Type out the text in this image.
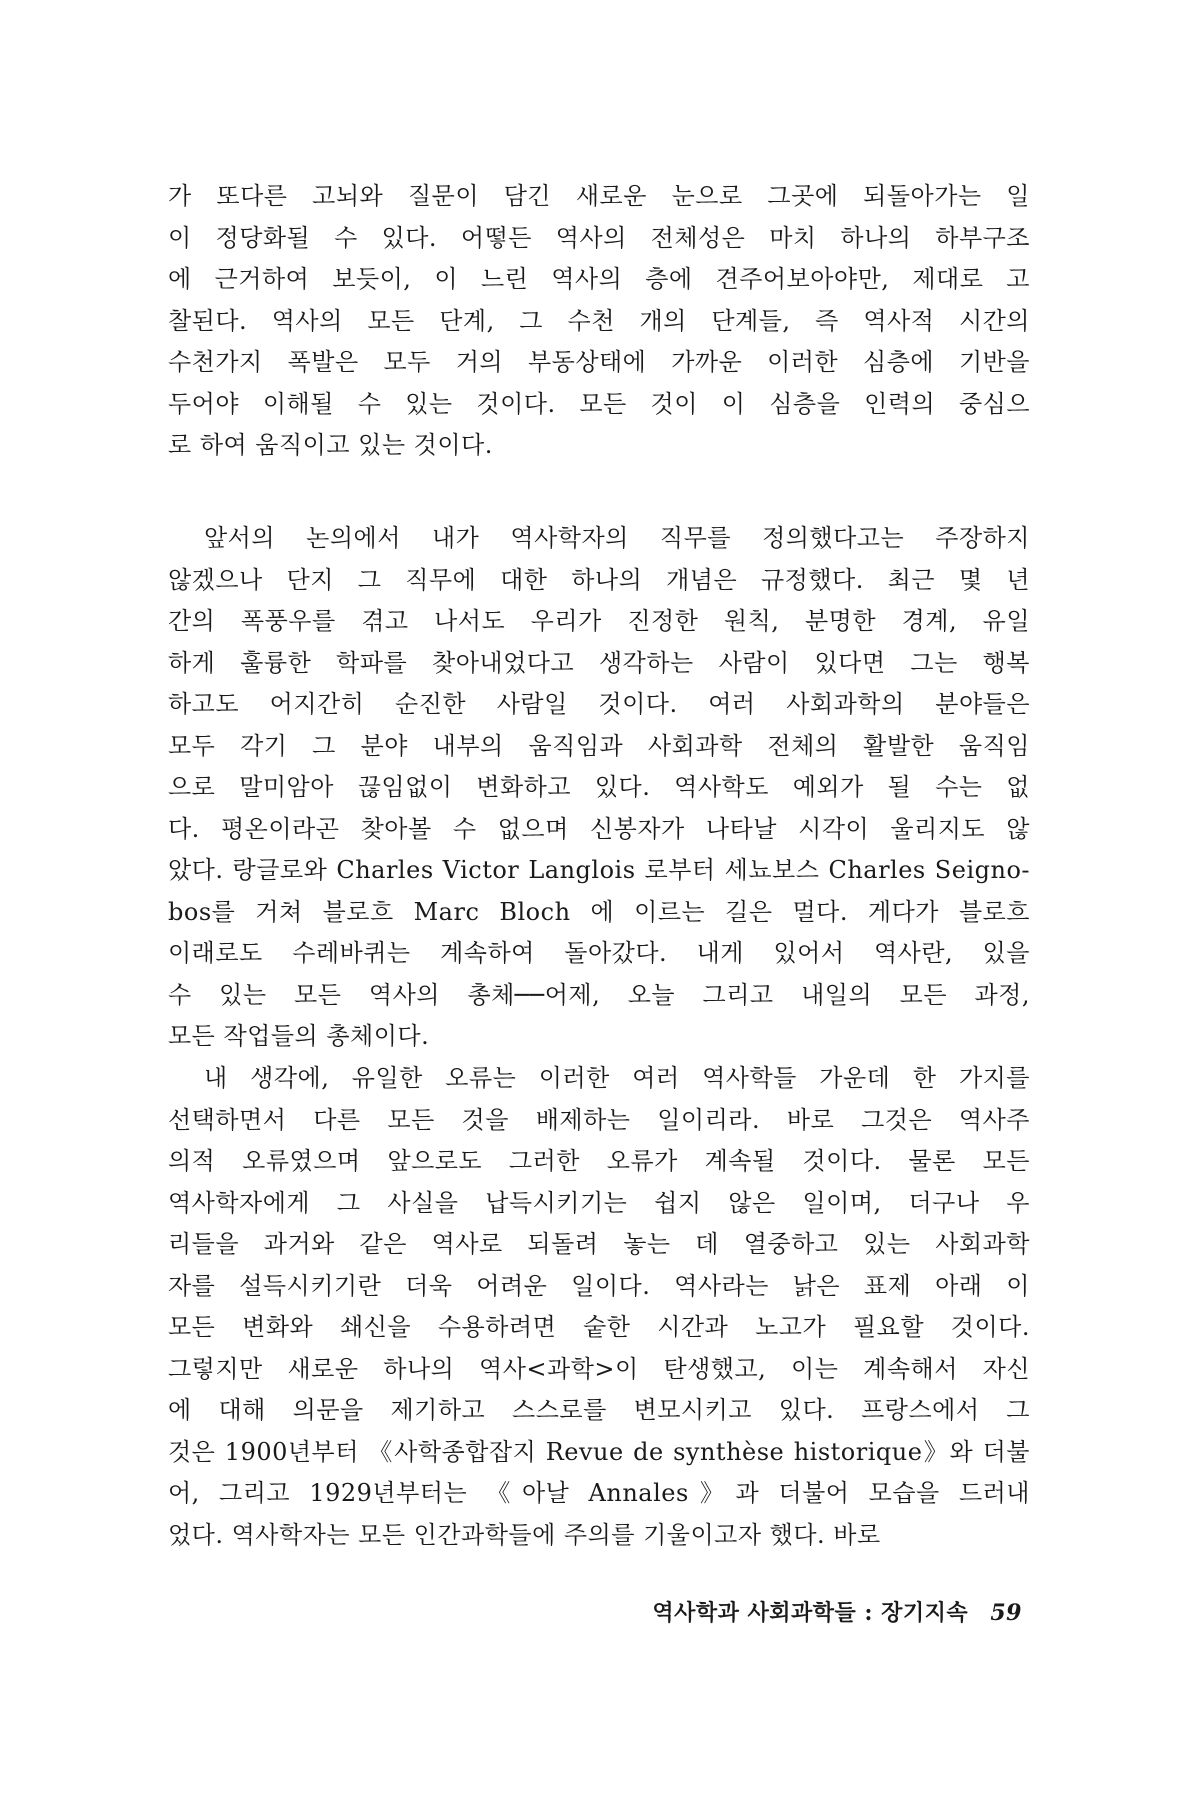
가 또다른 고뇌와 질문이 담긴 새로운 눈으로 그곳에 되돌아가는 일
이 정당화될 수 있다. 어떻든 역사의 전체성은 마치 하나의 하부구조
에 근거하여 보듯이, 이 느린 역사의 층에 견주어보아야만, 제대로 고
찰된다. 역사의 모든 단계, 그 수천 개의 단계들, 즉 역사적 시간의
수천가지 폭발은 모두 거의 부동상태에 가까운 이러한 심층에 기반을
두어야 이해될 수 있는 것이다. 모든 것이 이 심층을 인력의 중심으
로 하여 움직이고 있는 것이다.
앞서의 논의에서 내가 역사학자의 직무를 정의했다고는 주장하지
않겠으나 단지 그 직무에 대한 하나의 개념은 규정했다. 최근 몇 년
간의 폭풍우를 겪고 나서도 우리가 진정한 원칙, 분명한 경계, 유일
하게 훌륭한 학파를 찾아내었다고 생각하는 사람이 있다면 그는 행복
하고도 어지간히 순진한 사람일 것이다. 여러 사회과학의 분야들은
모두 각기 그 분야 내부의 움직임과 사회과학 전체의 활발한 움직임
으로 말미암아 끊임없이 변화하고 있다. 역사학도 예외가 될 수는 없
다. 평온이라곤 찾아볼 수 없으며 신봉자가 나타날 시각이 울리지도 않
았다. 랑글로와 Charles Victor Langlois 로부터 세뇨보스 Charles Seigno-
bos를 거쳐 블로흐 Marc Bloch 에 이르는 길은 멀다. 게다가 블로흐
이래로도 수레바퀴는 계속하여 돌아갔다. 내게 있어서 역사란, 있을
수 있는 모든 역사의 총체──어제, 오늘 그리고 내일의 모든 과정,
모든 작업들의 총체이다.
내 생각에, 유일한 오류는 이러한 여러 역사학들 가운데 한 가지를
선택하면서 다른 모든 것을 배제하는 일이리라. 바로 그것은 역사주
의적 오류였으며 앞으로도 그러한 오류가 계속될 것이다. 물론 모든
역사학자에게 그 사실을 납득시키기는 쉽지 않은 일이며, 더구나 우
리들을 과거와 같은 역사로 되돌려 놓는 데 열중하고 있는 사회과학
자를 설득시키기란 더욱 어려운 일이다. 역사라는 낡은 표제 아래 이
모든 변화와 쇄신을 수용하려면 숱한 시간과 노고가 필요할 것이다.
그렇지만 새로운 하나의 역사<과학>이 탄생했고, 이는 계속해서 자신
에 대해 의문을 제기하고 스스로를 변모시키고 있다. 프랑스에서 그
것은 1900년부터 《사학종합잡지 Revue de synthèse historique》와 더불
어, 그리고 1929년부터는 《아날 Annales》과 더불어 모습을 드러내
었다. 역사학자는 모든 인간과학들에 주의를 기울이고자 했다. 바로
역사학과 사회과학들 : 장기지속 59
